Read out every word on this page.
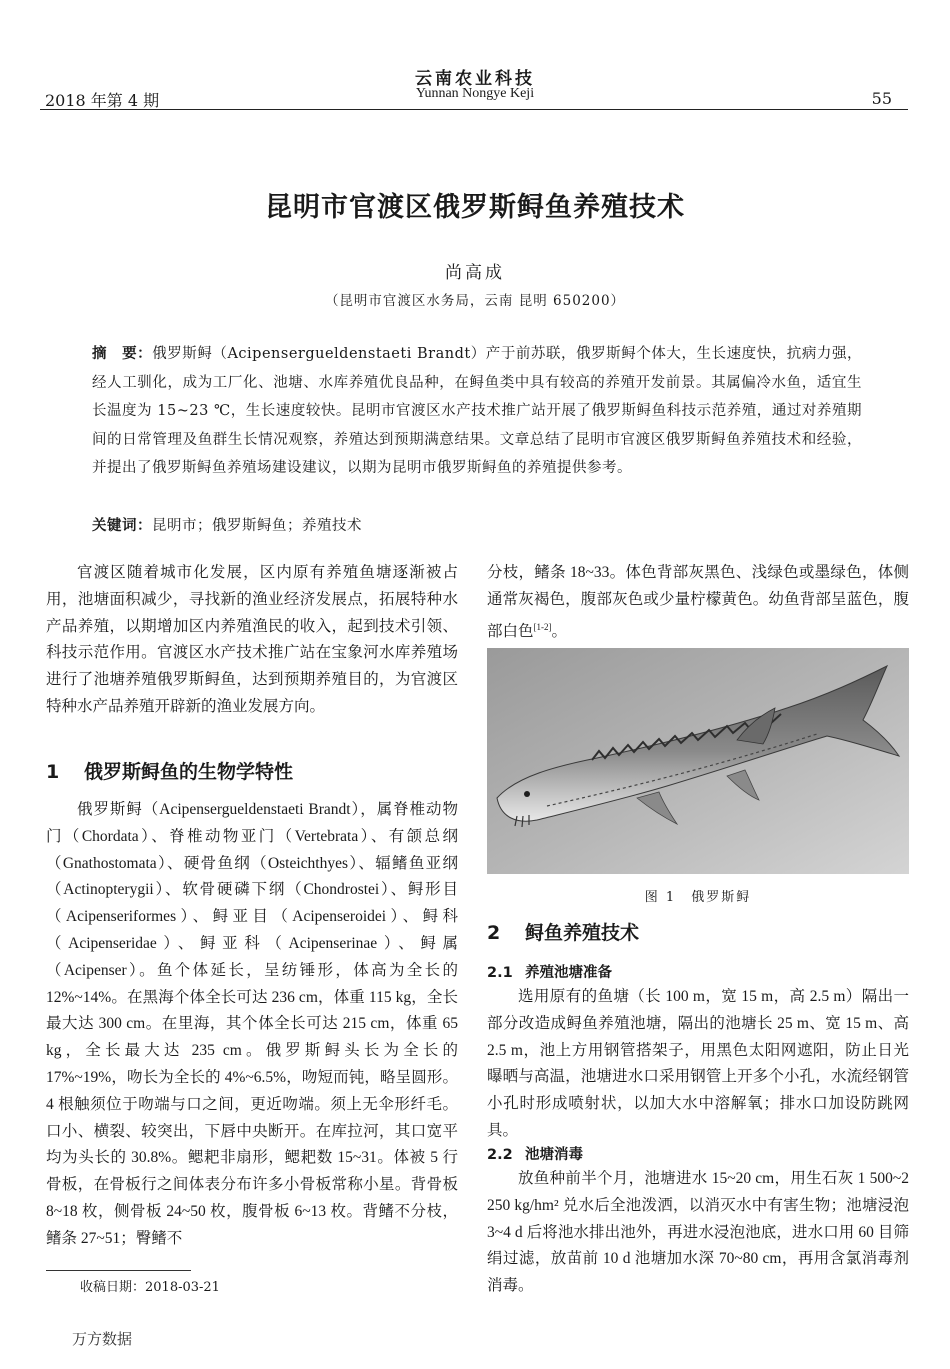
云南农业科技
Yunnan Nongye Keji
2018 年第 4 期	55
昆明市官渡区俄罗斯鲟鱼养殖技术
尚高成
（昆明市官渡区水务局，云南 昆明 650200）
摘　要：俄罗斯鲟（Acipensergueldenstaeti Brandt）产于前苏联，俄罗斯鲟个体大，生长速度快，抗病力强，经人工驯化，成为工厂化、池塘、水库养殖优良品种，在鲟鱼类中具有较高的养殖开发前景。其属偏冷水鱼，适宜生长温度为 15~23 ℃，生长速度较快。昆明市官渡区水产技术推广站开展了俄罗斯鲟鱼科技示范养殖，通过对养殖期间的日常管理及鱼群生长情况观察，养殖达到预期满意结果。文章总结了昆明市官渡区俄罗斯鲟鱼养殖技术和经验，并提出了俄罗斯鲟鱼养殖场建设建议，以期为昆明市俄罗斯鲟鱼的养殖提供参考。
关键词：昆明市；俄罗斯鲟鱼；养殖技术

官渡区随着城市化发展，区内原有养殖鱼塘逐渐被占用，池塘面积减少，寻找新的渔业经济发展点，拓展特种水产品养殖，以期增加区内养殖渔民的收入，起到技术引领、科技示范作用。官渡区水产技术推广站在宝象河水库养殖场进行了池塘养殖俄罗斯鲟鱼，达到预期养殖目的，为官渡区特种水产品养殖开辟新的渔业发展方向。

1 俄罗斯鲟鱼的生物学特性

俄罗斯鲟（Acipensergueldenstaeti Brandt），属脊椎动物门（Chordata）、脊椎动物亚门（Vertebrata）、有颌总纲（Gnathostomata）、硬骨鱼纲（Osteichthyes）、辐鳍鱼亚纲（Actinopterygii）、软骨硬磷下纲（Chondrostei）、鲟形目（Acipenseriformes）、鲟亚目（Acipenseroidei）、鲟科（Acipenseridae）、鲟亚科（Acipenserinae）、鲟属（Acipenser）。鱼个体延长，呈纺锤形，体高为全长的 12%~14%。在黑海个体全长可达 236 cm，体重 115 kg，全长最大达 300 cm。在里海，其个体全长可达 215 cm，体重 65 kg，全长最大达 235 cm。俄罗斯鲟头长为全长的 17%~19%，吻长为全长的 4%~6.5%，吻短而钝，略呈圆形。4 根触须位于吻端与口之间，更近吻端。须上无伞形纤毛。口小、横裂、较突出，下唇中央断开。在库拉河，其口宽平均为头长的 30.8%。鳃耙非扇形，鳃耙数 15~31。体被 5 行骨板，在骨板行之间体表分布许多小骨板常称小星。背骨板 8~18 枚，侧骨板 24~50 枚，腹骨板 6~13 枚。背鳍不分枝，鳍条 27~51；臀鳍不

分枝，鳍条 18~33。体色背部灰黑色、浅绿色或墨绿色，体侧通常灰褐色，腹部灰色或少量柠檬黄色。幼鱼背部呈蓝色，腹部白色[1-2]。
图 1　俄罗斯鲟
2 鲟鱼养殖技术
2.1 养殖池塘准备

选用原有的鱼塘（长 100 m，宽 15 m，高 2.5 m）隔出一部分改造成鲟鱼养殖池塘，隔出的池塘长 25 m、宽 15 m、高 2.5 m，池上方用钢管搭架子，用黑色太阳网遮阳，防止日光曝晒与高温，池塘进水口采用钢管上开多个小孔，水流经钢管小孔时形成喷射状，以加大水中溶解氧；排水口加设防跳网具。

2.2 池塘消毒

放鱼种前半个月，池塘进水 15~20 cm，用生石灰 1 500~2 250 kg/hm² 兑水后全池泼洒，以消灭水中有害生物；池塘浸泡 3~4 d 后将池水排出池外，再进水浸泡池底，进水口用 60 目筛绢过滤，放苗前 10 d 池塘加水深 70~80 cm，再用含氯消毒剂消毒。

收稿日期：2018-03-21
万方数据
